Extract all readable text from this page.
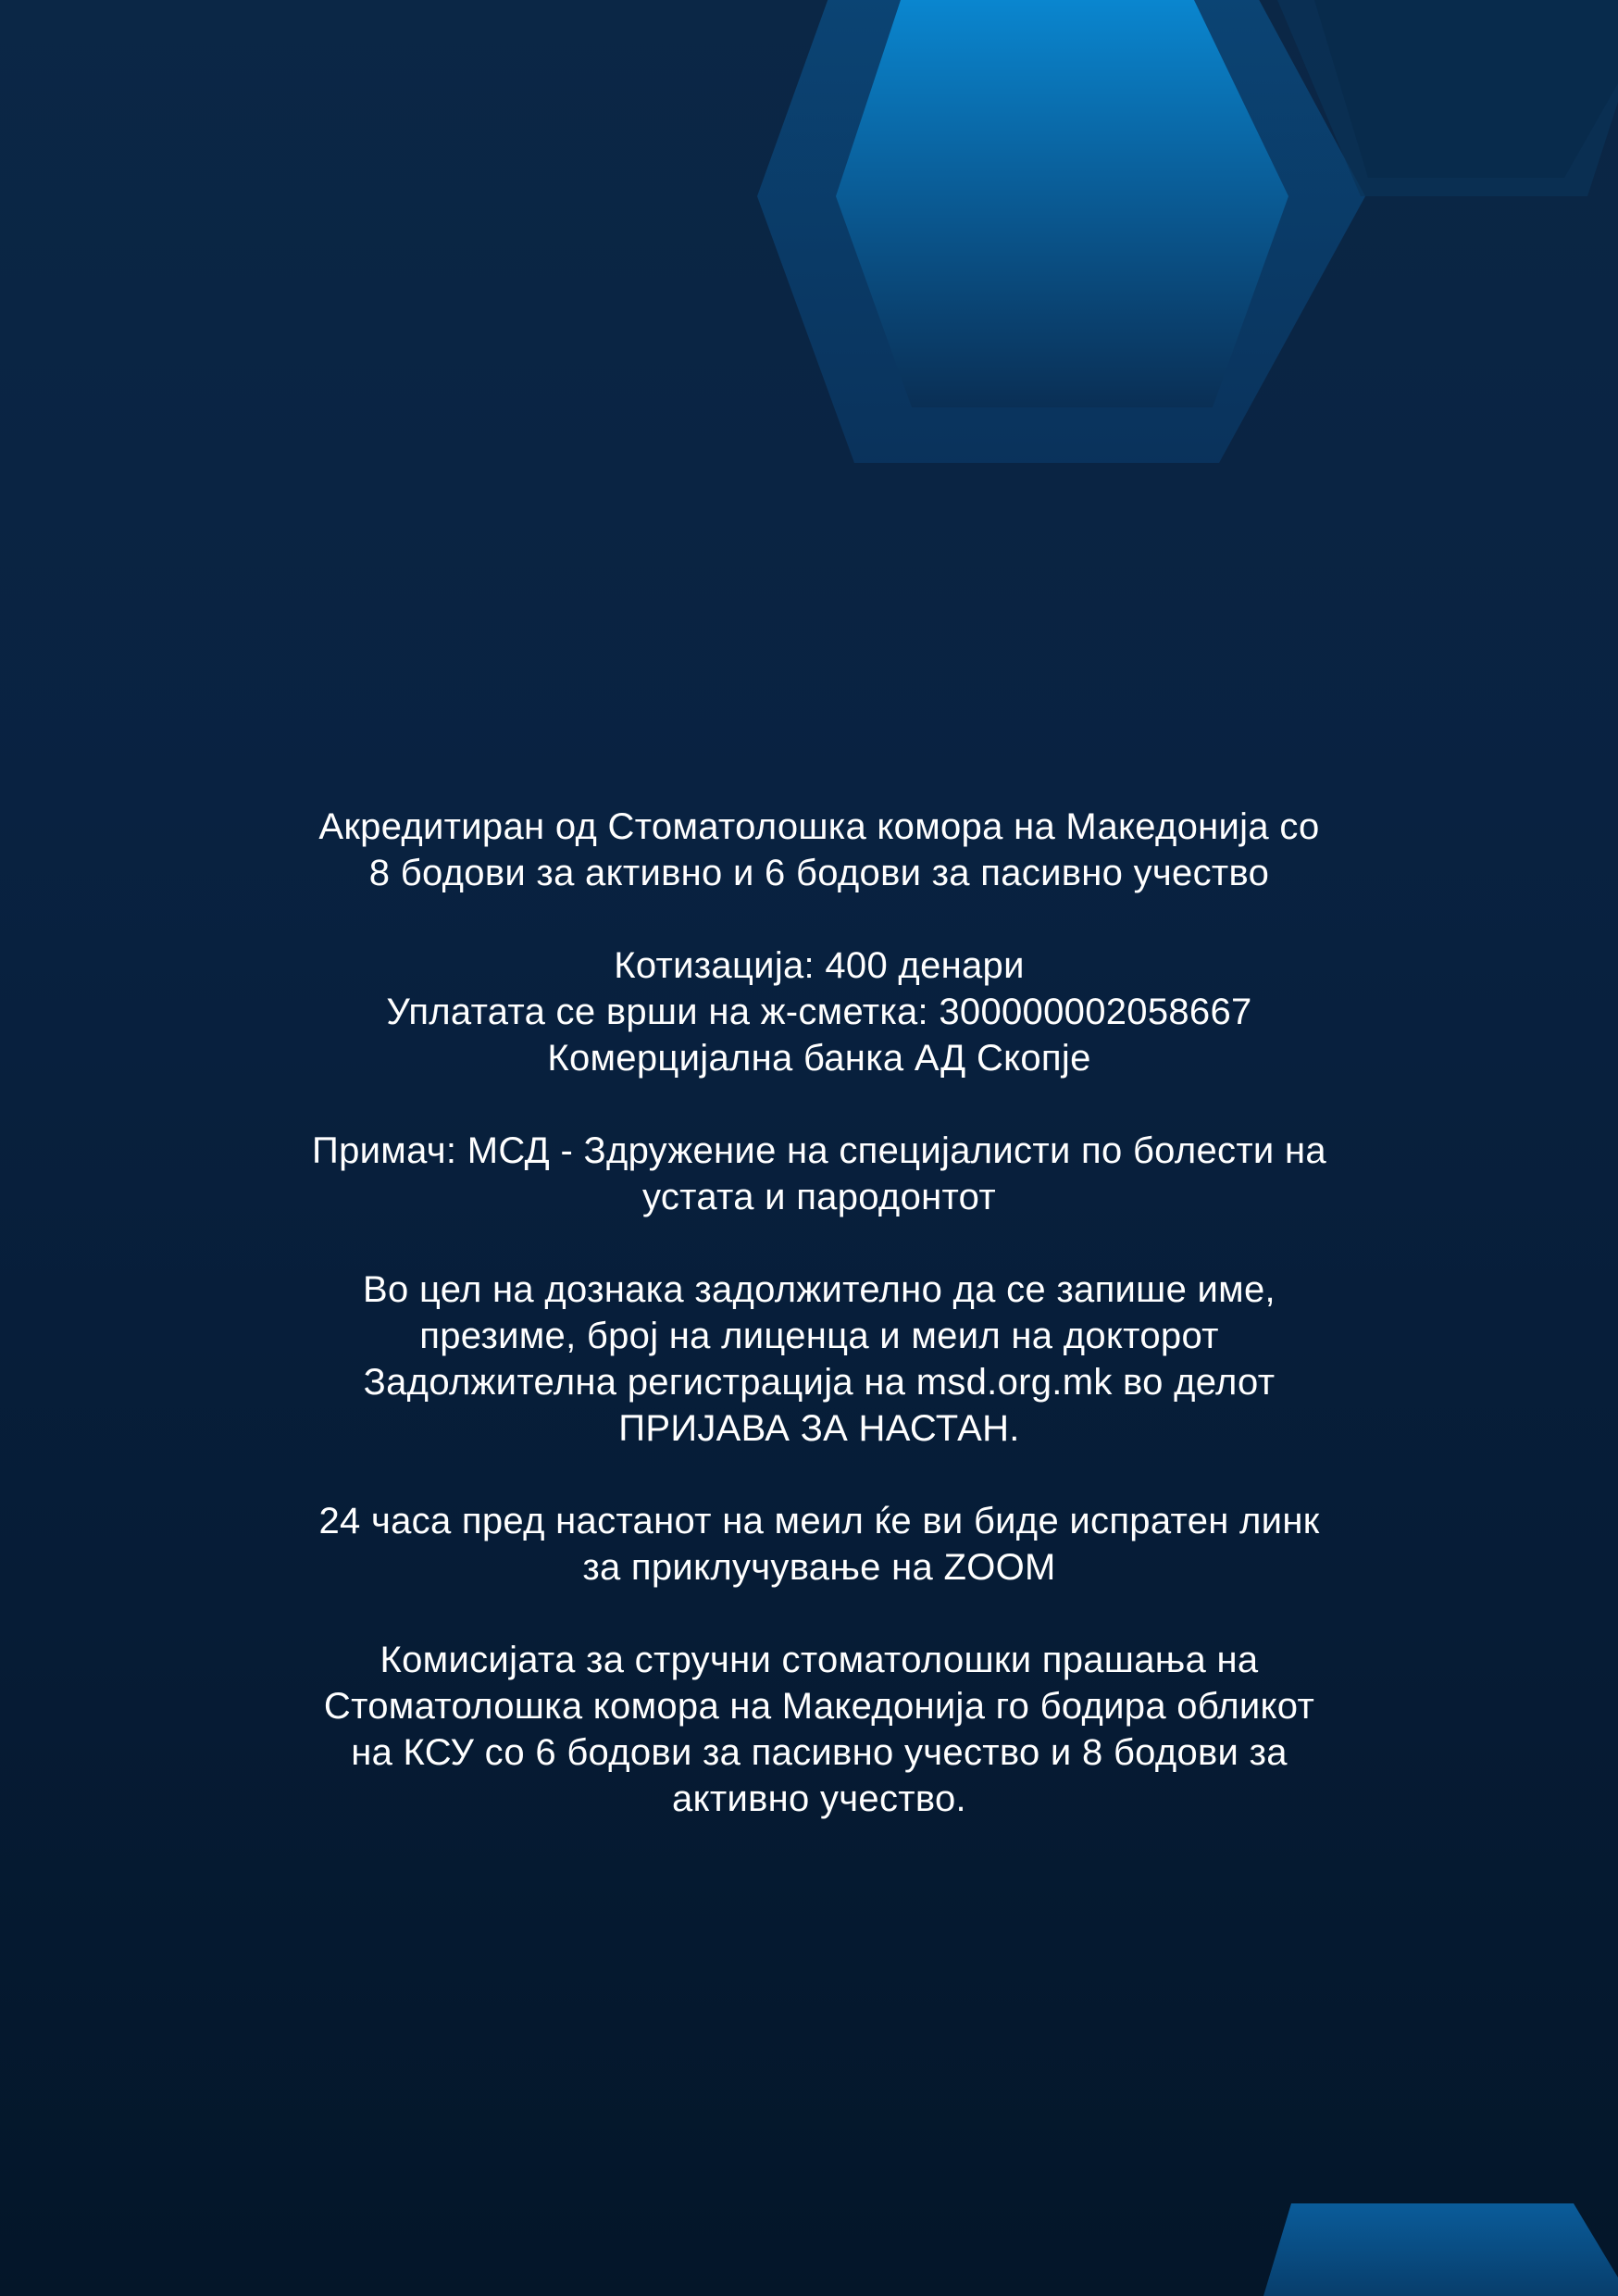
Акредитиран од Стоматолошка комора на Македонија со
8 бодови за активно и 6 бодови за пасивно учество

Котизација: 400 денари
Уплатата се врши на ж-сметка: 300000002058667
Комерцијална банка АД Скопје

Примач: МСД - Здружение на специјалисти по болести на
устата и пародонтот

Во цел на дознака задолжително да се запише име,
презиме, број на лиценца и меил на докторот
Задолжителна регистрација на msd.org.mk во делот
ПРИЈАВА ЗА НАСТАН.

24 часа пред настанот на меил ќе ви биде испратен линк
за приклучување на ZOOM

Комисијата за стручни стоматолошки прашања на
Стоматолошка комора на Македонија го бодира обликот
на КСУ со 6 бодови за пасивно учество и 8 бодови за
активно учество.
